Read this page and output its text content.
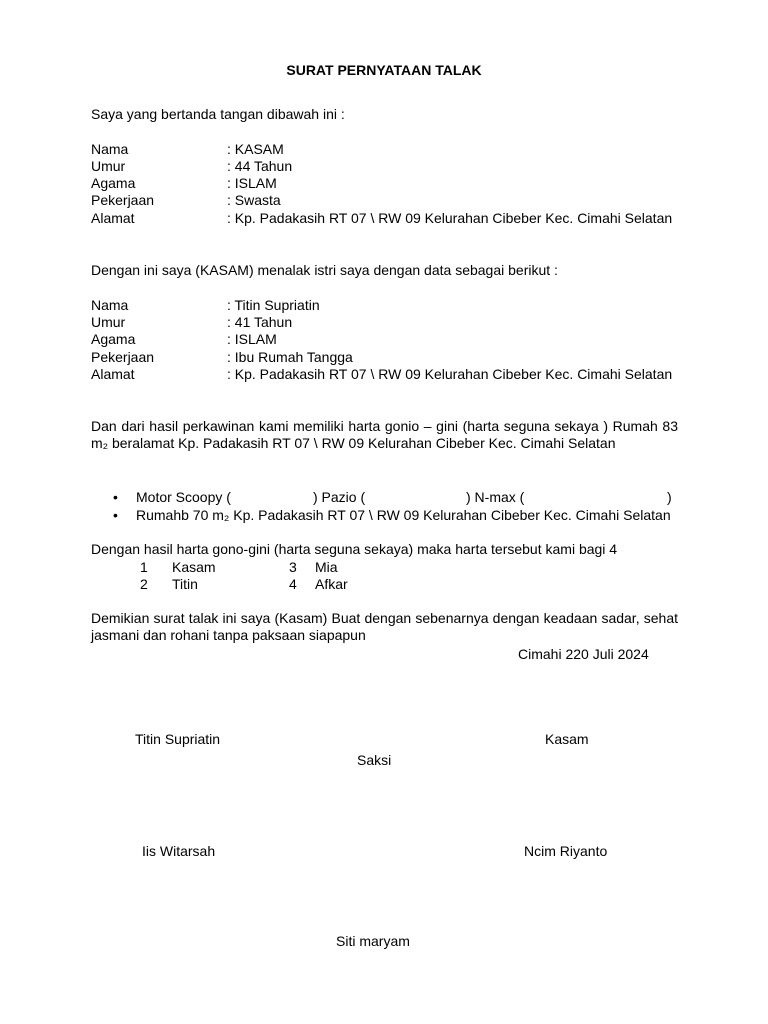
SURAT PERNYATAAN TALAK
Saya yang bertanda tangan dibawah ini :
Nama	: KASAM
Umur	: 44 Tahun
Agama	: ISLAM
Pekerjaan	: Swasta
Alamat	: Kp. Padakasih RT 07 \ RW 09 Kelurahan Cibeber Kec. Cimahi Selatan
Dengan ini saya (KASAM) menalak istri saya dengan data sebagai berikut :
Nama	: Titin Supriatin
Umur	: 41 Tahun
Agama	: ISLAM
Pekerjaan	: Ibu Rumah Tangga
Alamat	: Kp. Padakasih RT 07 \ RW 09 Kelurahan Cibeber Kec. Cimahi Selatan
Dan dari hasil perkawinan kami memiliki harta gonio – gini (harta seguna sekaya ) Rumah 83 m₂ beralamat Kp. Padakasih RT 07 \ RW 09 Kelurahan Cibeber Kec. Cimahi Selatan
• Motor Scoopy (	) Pazio (	) N-max (	)
• Rumahb 70 m₂ Kp. Padakasih RT 07 \ RW 09 Kelurahan Cibeber Kec. Cimahi Selatan
Dengan hasil harta gono-gini (harta seguna sekaya) maka harta tersebut kami bagi 4
1 Kasam	3 Mia
2 Titin	4 Afkar
Demikian surat talak ini saya (Kasam) Buat dengan sebenarnya dengan keadaan sadar, sehat jasmani dan rohani tanpa paksaan siapapun
Cimahi 220 Juli 2024
Titin Supriatin	Kasam
Saksi
Iis Witarsah	Ncim Riyanto
Siti maryam
